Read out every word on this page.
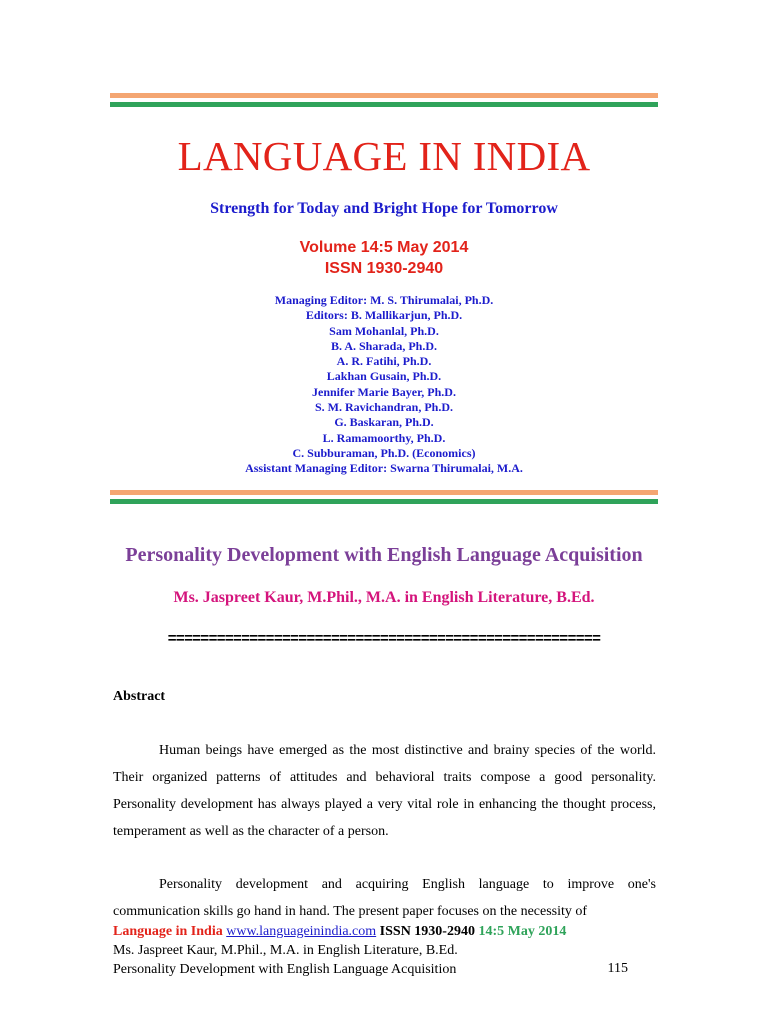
LANGUAGE IN INDIA
Strength for Today and Bright Hope for Tomorrow
Volume 14:5 May 2014
ISSN 1930-2940
Managing Editor: M. S. Thirumalai, Ph.D.
Editors: B. Mallikarjun, Ph.D.
Sam Mohanlal, Ph.D.
B. A. Sharada, Ph.D.
A. R. Fatihi, Ph.D.
Lakhan Gusain, Ph.D.
Jennifer Marie Bayer, Ph.D.
S. M. Ravichandran, Ph.D.
G. Baskaran, Ph.D.
L. Ramamoorthy, Ph.D.
C. Subburaman, Ph.D. (Economics)
Assistant Managing Editor: Swarna Thirumalai, M.A.
Personality Development with English Language Acquisition
Ms. Jaspreet Kaur, M.Phil., M.A. in English Literature, B.Ed.
=====================================================
Abstract

Human beings have emerged as the most distinctive and brainy species of the world. Their organized patterns of attitudes and behavioral traits compose a good personality. Personality development has always played a very vital role in enhancing the thought process, temperament as well as the character of a person.

Personality development and acquiring English language to improve one's communication skills go hand in hand. The present paper focuses on the necessity of

Language in India www.languageinindia.com ISSN 1930-2940 14:5 May 2014
Ms. Jaspreet Kaur, M.Phil., M.A. in English Literature, B.Ed.
Personality Development with English Language Acquisition	115
